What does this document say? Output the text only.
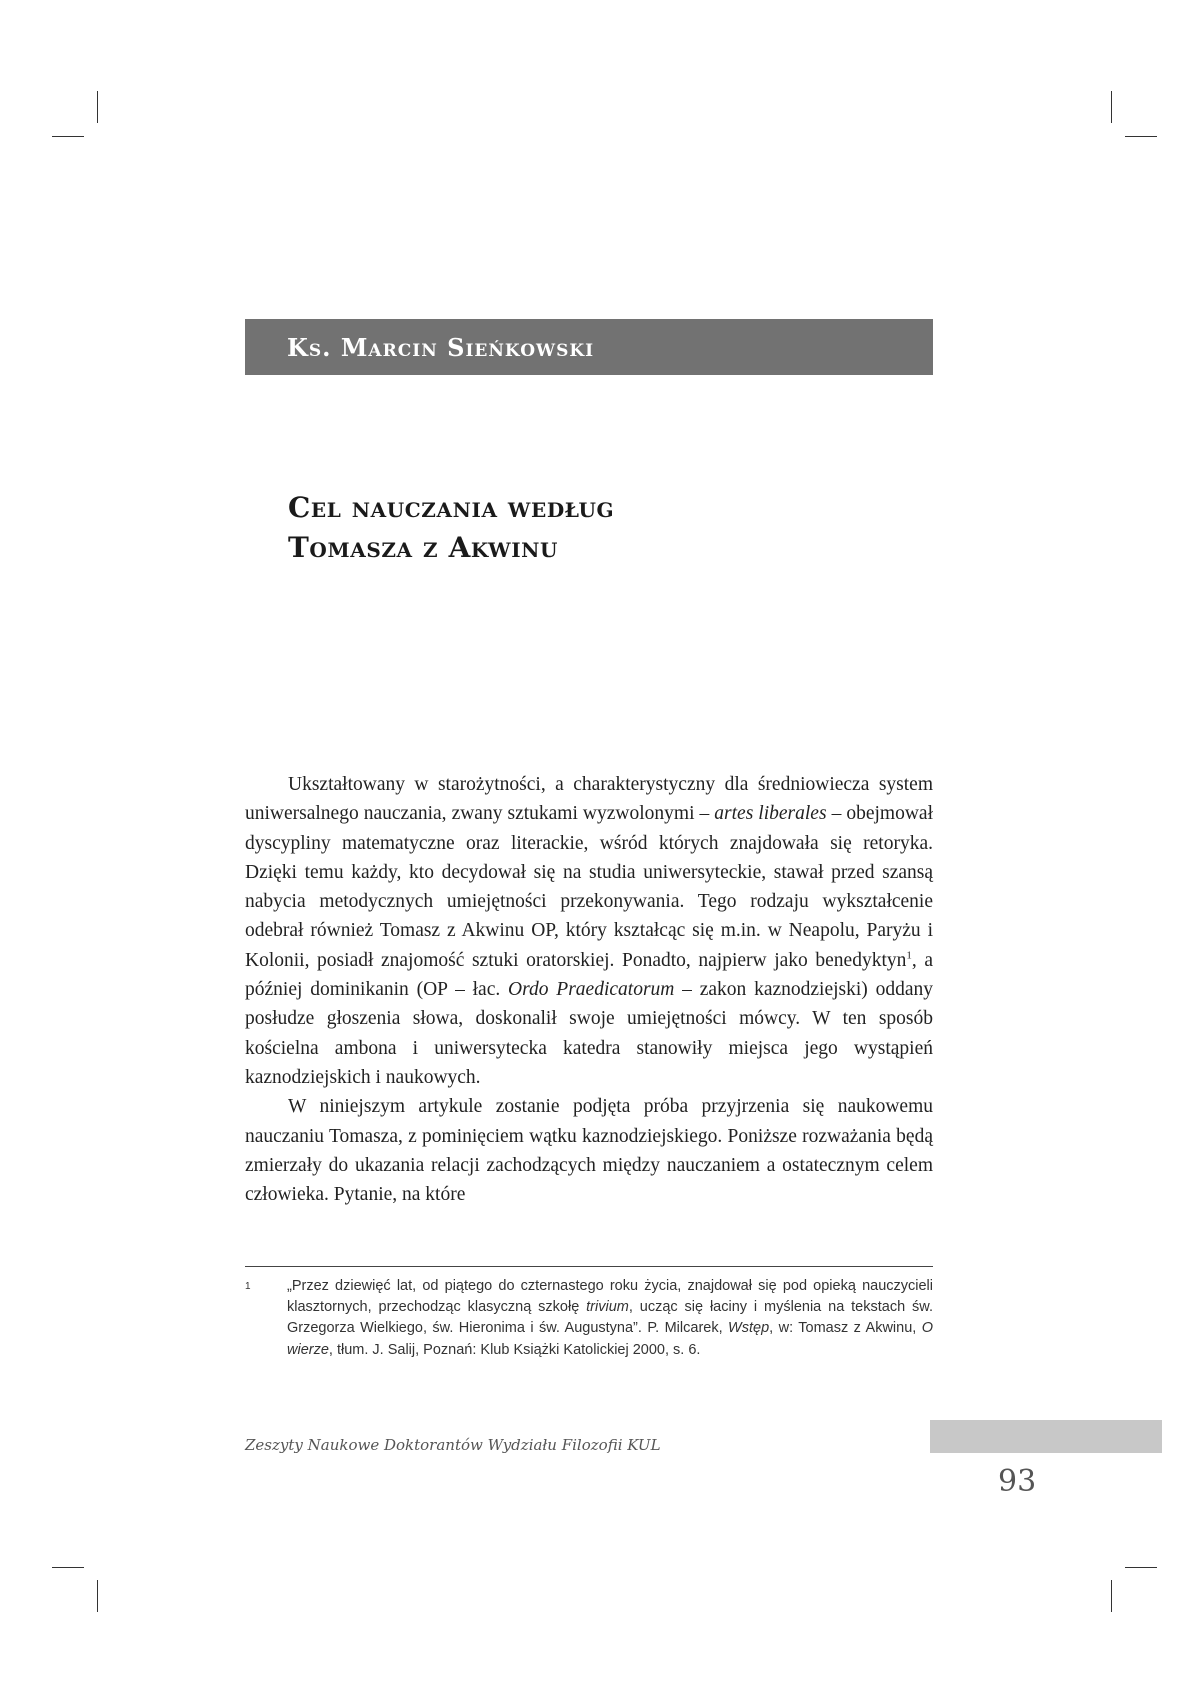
Ks. Marcin Sieńkowski
Cel nauczania według
Tomasza z Akwinu

Ukształtowany w starożytności, a charakterystyczny dla średniowiecza system uniwersalnego nauczania, zwany sztukami wyzwolonymi – artes liberales – obejmował dyscypliny matematyczne oraz literackie, wśród których znajdowała się retoryka. Dzięki temu każdy, kto decydował się na studia uniwersyteckie, stawał przed szansą nabycia metodycznych umiejętności przekonywania. Tego rodzaju wykształcenie odebrał również Tomasz z Akwinu OP, który kształcąc się m.in. w Neapolu, Paryżu i Kolonii, posiadł znajomość sztuki oratorskiej. Ponadto, najpierw jako benedyktyn$^1$, a później dominikanin (OP – łac. Ordo Praedicatorum – zakon kaznodziejski) oddany posłudze głoszenia słowa, doskonalił swoje umiejętności mówcy. W ten sposób kościelna ambona i uniwersytecka katedra stanowiły miejsca jego wystąpień kaznodziejskich i naukowych.

W niniejszym artykule zostanie podjęta próba przyjrzenia się naukowemu nauczaniu Tomasza, z pominięciem wątku kaznodziejskiego. Poniższe rozważania będą zmierzały do ukazania relacji zachodzących między nauczaniem a ostatecznym celem człowieka. Pytanie, na które

1	„Przez dziewięć lat, od piątego do czternastego roku życia, znajdował się pod opieką nauczycieli klasztornych, przechodząc klasyczną szkołę trivium, ucząc się łaciny i myślenia na tekstach św. Grzegorza Wielkiego, św. Hieronima i św. Augustyna”. P. Milcarek, Wstęp, w: Tomasz z Akwinu, O wierze, tłum. J. Salij, Poznań: Klub Książki Katolickiej 2000, s. 6.
Zeszyty Naukowe Doktorantów Wydziału Filozofii KUL
93
